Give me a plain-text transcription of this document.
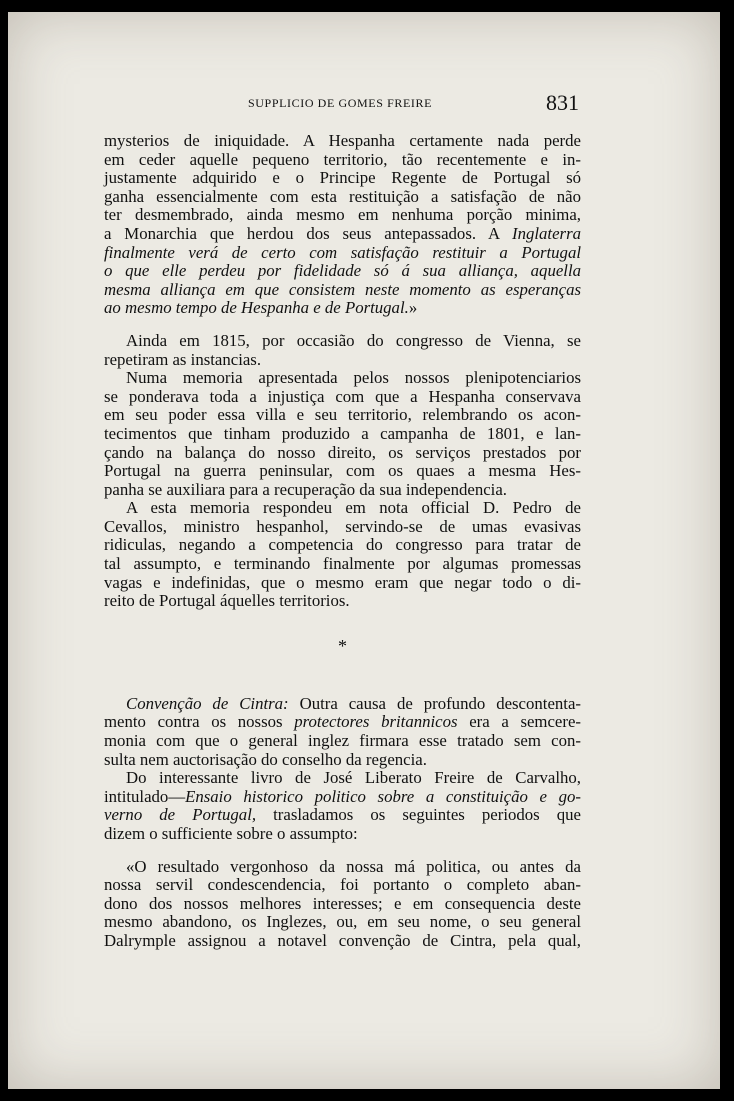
SUPPLICIO DE GOMES FREIRE	831

mysterios de iniquidade. A Hespanha certamente nada perde

em ceder aquelle pequeno territorio, tão recentemente e in-

justamente adquirido e o Principe Regente de Portugal só

ganha essencialmente com esta restituição a satisfação de não

ter desmembrado, ainda mesmo em nenhuma porção minima,

a Monarchia que herdou dos seus antepassados. A Inglaterra

finalmente verá de certo com satisfação restituir a Portugal

o que elle perdeu por fidelidade só á sua alliança, aquella

mesma alliança em que consistem neste momento as esperanças

ao mesmo tempo de Hespanha e de Portugal.»

Ainda em 1815, por occasião do congresso de Vienna, se

repetiram as instancias.

Numa memoria apresentada pelos nossos plenipotenciarios

se ponderava toda a injustiça com que a Hespanha conservava

em seu poder essa villa e seu territorio, relembrando os acon-

tecimentos que tinham produzido a campanha de 1801, e lan-

çando na balança do nosso direito, os serviços prestados por

Portugal na guerra peninsular, com os quaes a mesma Hes-

panha se auxiliara para a recuperação da sua independencia.

A esta memoria respondeu em nota official D. Pedro de

Cevallos, ministro hespanhol, servindo-se de umas evasivas

ridiculas, negando a competencia do congresso para tratar de

tal assumpto, e terminando finalmente por algumas promessas

vagas e indefinidas, que o mesmo eram que negar todo o di-

reito de Portugal áquelles territorios.

*

Convenção de Cintra: Outra causa de profundo descontenta-

mento contra os nossos protectores britannicos era a semcere-

monia com que o general inglez firmara esse tratado sem con-

sulta nem auctorisação do conselho da regencia.

Do interessante livro de José Liberato Freire de Carvalho,

intitulado—Ensaio historico politico sobre a constituição e go-

verno de Portugal, trasladamos os seguintes periodos que

dizem o sufficiente sobre o assumpto:

«O resultado vergonhoso da nossa má politica, ou antes da

nossa servil condescendencia, foi portanto o completo aban-

dono dos nossos melhores interesses; e em consequencia deste

mesmo abandono, os Inglezes, ou, em seu nome, o seu general

Dalrymple assignou a notavel convenção de Cintra, pela qual,
